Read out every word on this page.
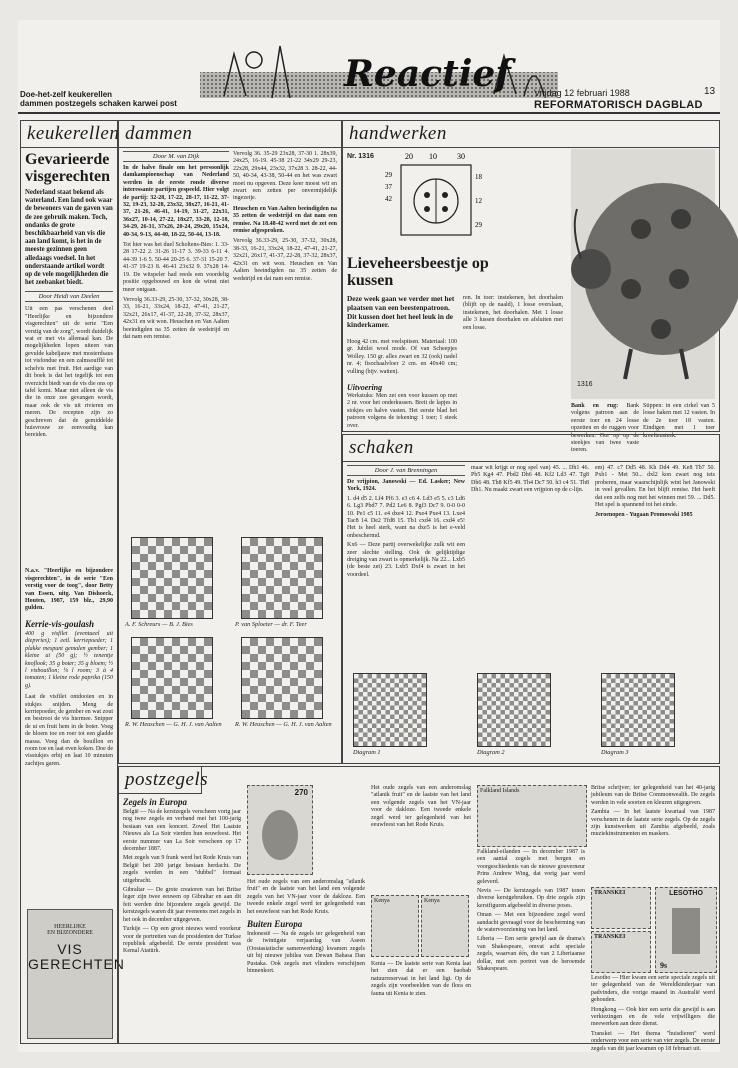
Doe-het-zelf keukerellen
dammen postzegels schaken karwei post
Reactief	Vrijdag 12 februari 1988	13
REFORMATORISCH DAGBLAD
keukerellen
Gevarieerde visgerechten
Nederland staat bekend als waterland. Een land ook waar de bewoners van de gaven van de zee gebruik maken. Toch, ondanks de grote beschikbaarheid van vis die aan land komt, is het in de meeste gezinnen geen alledaags voedsel. In het onderstaande artikel wordt op de vele mogelijkheden die het zeebanket biedt.
Door Heidi van Deelen
Uit een pas verschenen deel "Heerlijke en bijzondere visgerechten" uit de serie "Een verstig van de zorg", wordt duidelijk wat er met vis allemaal kan. De mogelijkheden lopen uiteen van gevulde kabeljauw met mosterdsaus tot visfondue en een zalmsoufflé tot schelvis met fruit. Het aardige van dit boek is dat het tegelijk tot een overzicht biedt van de vis die ons op tafel komt. Maar niet alleen de vis die in onze zee gevangen wordt, maar ook de vis uit rivieren en meren. De recepten zijn zo geschreven dat de gemiddelde huisvrouw ze eenvoudig kan bereiden.
N.a.v. "Heerlijke en bijzondere visgerechten", in de serie "Een verstig voor de toog", door Betty van Essen, uitg. Van Dishoeck, Houten, 1987, 159 blz., 29,90 gulden.
Kerrie-vis-goulash
400 g visfilet (eventueel uit diepvries); 1 eetl. kerriepoeder; 1 plakke mespunt gemalen gember; 1 kleine ui (50 g); ½ tenentje knoflook; 35 g boter; 35 g bloem; ½ l visbouillon; ¼ l room; 3 à 4 tomaten; 1 kleine rode paprika (150 g).
Laat de visfilet ontdooien en in stukjes snijden. Meng de kerriepoeder, de gember en wat zout en bestrooi de vis hiermee. Snipper de ui en fruit hem in de boter. Voeg de bloem toe en roer tot een gladde massa. Voeg dan de bouillon en room toe en laat even koken. Doe de visstukjes erbij en laat 10 minuten zachtjes garen.
HEERLIJKE
EN BIJZONDERE
VIS GERECHTEN
dammen
Door M. van Dijk
In de halve finale om het persoonlijk damkampioenschap van Nederland werden in de eerste ronde diverse interessante partijen gespeeld. Hier volgt de partij: 32-28, 17-22, 28-17, 11-22, 37-32, 19-23, 32-28, 23x32, 38x27, 16-21, 41-37, 21-26, 46-41, 14-19, 31-27, 22x31, 36x27, 10-14, 27-22, 18x27, 33-28, 12-18, 34-29, 26-31, 37x26, 20-24, 29x20, 15x24, 40-34, 9-13, 44-40, 18-22, 50-44, 13-18.
Tot hier was het duel Scholtens-Bies: 1. 33-28 17-22 2. 31-26 11-17 3. 39-33 6-11 4. 44-39 1-6 5. 50-44 20-25 6. 37-31 15-20 7. 41-37 19-23 8. 46-41 23x32 9. 37x28 14-19. De witspeler had reeds een voordelig positie opgebouwd en kon de winst niet meer ontgaan.
Vervolg 36.33-29, 25-30, 37-32, 30x28, 38-33, 16-21, 33x24, 18-22, 47-41, 21-27, 32x21, 26x17, 41-37, 22-28, 37-32, 28x37, 42x31 en wit won. Heuschen en Van Aalten beeindigden na 35 zetten de wedstrijd en dat nam een remise.
Vervolg 36. 35-29 23x28, 37-30 1. 28x39, 24x25, 16-19. 45-38 21-22 34x29 29-23, 22x28, 29x44, 23x32, 37x28 3. 28-22, 44-50, 40-34, 43-38, 50-44 en het was zwart moet nu opgeven. Deze keer moest wit en zwart een zetten per onvermijdelijk ingezetje.
Heuschen en Van Aalten beeindigden na 35 zetten de wedstrijd en dat nam een remise. Na 18.48-42 werd met de zet een remise afgesproken.
Vervolg 36.33-29, 25-30, 37-32, 30x28, 38-33, 16-21, 33x24, 18-22, 47-41, 21-27, 32x21, 26x17, 41-37, 22-28, 37-32, 28x37, 42x31 en wit won. Heuschen en Van Aalten beeindigden na 35 zetten de wedstrijd en dat nam een remise.
A. F. Schreurs — B. J. Bies	P. van Sploeter — dr. F. Teer
R. W. Heuschen — G. H. J. van Aalten	R. W. Heuschen — G. H. J. van Aalten
handwerken
Nr. 1316	20 10	30
29
37
42
18
12
29
Lieveheersbeestje op kussen
Deze week gaan we verder met het plaatsen van een beestenpatroon. Dit kussen doet het heel leuk in de kinderkamer.
Hoog 42 cm. met veelspitsen. Materiaal: 100 gr. Jubilei wool mode. Of van Scheepjes Wolley. 150 gr. alles zwart en 32 (ook) nadel nr. 4; fisochaalvloer 2 cm. en 40x40 cm; vulling (bijv. watten).
Uitvoering
Werkstuks: Men zet een voor kussen op met 2 nr. voor het onderkussen. Breit de lapjes in stokjes en halve vasten. Het eerste blad het patroon volgens de tekening: 1 toer; 1 steek over.
ren. In toer: instekenen, het doorhalen (blijft op de naald), 1 losse overslaan, instekenen, het doorhalen. Met 1 losse alle 3 lussen doorhalen en afsluiten met een losse.
1316
Bank en rug: Bank volgens patroon aan de eerste toer en 24 losse opzetten en de ruggen voor bewerken. Oor op op de steekjes van twee vaste toeren.
Stippen: in een cirkel van 5 losse haken met 12 vasten. In de 2e toer 18 vasten. Eindigen met 1 toer kreeftensteek.
schaken
Door J. van Brenningen
De vrijpion, Janowski — Ed. Lasker; New York, 1924.
1. d4 d5 2. Lf4 Pf6 3. e3 c6 4. Ld3 e5 5. c3 Ld6 6. Lg3 Pbd7 7. Pd2 Le6 8. Pgf3 Dc7 9. 0-0 0-0 10. Pe1 c5 11. e4 dxe4 12. Pxe4 Pxe4 13. Lxe4 Tac8 14. De2 Tfd8 15. Tb1 cxd4 16. cxd4 e5! Het is heel sterk, want na dxe5 is het e-veld onbeschermd.
Kx6 — Deze partij overwekelijke zulk wit een zeer slechte stelling. Ook de gelijktijdige dreiging van zwart is opmerkelijk. Na 22... Lxb5 (de beste zet) 23. Lxb5 Dxf4 is zwart in het voordeel.
maar wit krijgt er nog spel van) 45. ... Dh1 46. Pb5 Kg4 47. Pbd2 Dh6 48. Kf2 Ld3 47. Tg8 Dh6 48. Th8 Kf5 49. Th4 Dc7 50. h3 c4 51. Th8 Dh1. Nu maakt zwart een vrijpion op de c-lijn.
em) 47. c7 Dd5 48. Kh Dd4 49. Ke8 Tb7 50. Pxb1 - Met 50... dxl2 kon zwart nog iets proberen, maar waarschijnlijk wint het Janowski in veel gevallen. En het blijft remise. Het heeft dat een zelfs nog met het winnen met 59. ... Dd5. Het spel is spannend tot het einde.
Jeroenopen - Yugaan Promowski 1985
Diagram 1	Diagram 2	Diagram 3
postzegels
Zegels in Europa
België — Na de kerstzegels verscheen vorig jaar nog twee zegels en verband met het 100-jarig bestaan van een koncert. Zowel Het Laatste Nieuws als La Soir vierden hun eeuwfeest. Het eerste nummer van La Soir verscheen op 17 december 1887.
Met zegels van 9 frank werd het Rode Kruis van België het 200 jarige bestaan herdacht. De zegels werden in een "dubbel" formaat uitgebracht.
Gibraltar — De grote creatoren van het Britse leger zijn twee eeuwen op Gibraltar en aan dit feit werden drie bijzondere zegels gewijd. De kerstzegels waren dit jaar eveneens met zegels in het ook in december uitgegeven.
Turkije — Op een groot nieuws werd voorkeur voor de portretten van de presidenten der Turkse republiek afgebeeld. De eerste president was Kemal Atatürk.
270
Het oude zegels van een anderomslag "atlanik fruit" en de laatste van het land een volgende zegels van het VN-jaar voor de dakloze. Een tweede enkele zegel werd ter gelegenheid van het eeuwfeest van het Rode Kruis.
Buiten Europa
Indonesië — Na de zegels ter gelegenheid van de twintigste verjaardag van Aseen (Oostasiatische samenwerking) kwamen zegels uit bij nieuwe jubilea van Dewan Bahasa Dan Pustaka. Ook zegels met vlinders verschijnen binnenkort.
Het oude zegels van een anderomslag "atlanik fruit" en de laatste van het land een volgende zegels van het VN-jaar voor de dakloze. Een tweede enkele zegel werd ter gelegenheid van het eeuwfeest van het Rode Kruis.
Kenya	Kenya
Kenia — De laatste serie van Kenia laat het zien dat er een baobab natuurreservaat in het land ligt. Op de zegels zijn voorbeelden van de flora en fauna uit Kenia te zien.
Falkland Islands
Falkland-eilanden — In december 1987 is een aantal zegels met bergen en voorgeschiedenis van de nieuwe gouverneur Prins Andrew Wing, dat vorig jaar werd geleverd.
Nevis — De kerstzegels van 1987 tonen diverse kerstgebruiken. Op drie zegels zijn kerstfiguren afgebeeld in diverse poses.
Oman — Met een bijzondere zegel werd aandacht gevraagd voor de bescherming van de watervoorziening van het land.
Liberia — Een serie gewijd aan de drama's van Shakespeare, omvat acht speciale zegels, waarvan één, die van 2 Liberiaanse dollar, met een portret van de beroemde Shakespeare.
Britse schrijver; ter gelegenheid van het 40-jarig jubileum van de Britse Commonwealth. De zegels werden in vele soorten en kleuren uitgegeven.
Zambia — In het laatste kwartaal van 1987 verschenen in de laatste serie zegels. Op de zegels zijn kunstwerken uit Zambia afgebeeld, zoals muziekinstrumenten en maskers.
TRANSKEI
TRANSKEI
LESOTHO
9s
Lesotho — Hier kwam een serie speciale zegels uit ter gelegenheid van de Wereldkinderjaar van padvinders, die vorige maand in Australië werd gehouden.
Hongkong — Ook hier een serie die gewijd is aan verkiezingen en de vele vrijwilligers die meewerken aan deze dienst.
Transkei — Het thema "huisdieren" werd onderwerp voor een serie van vier zegels. De eerste zegels van dit jaar kwamen op 18 februari uit.
